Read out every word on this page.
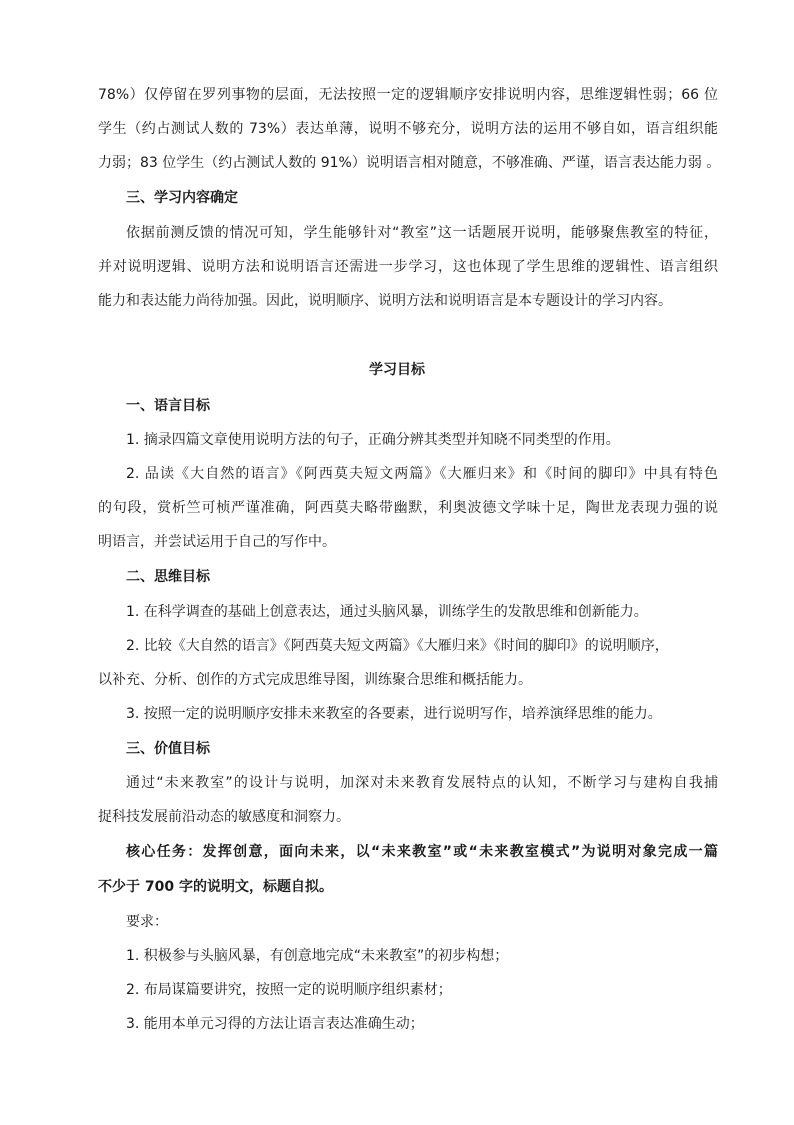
78%）仅停留在罗列事物的层面，无法按照一定的逻辑顺序安排说明内容，思维逻辑性弱；66 位
学生（约占测试人数的 73%）表达单薄，说明不够充分，说明方法的运用不够自如，语言组织能
力弱；83 位学生（约占测试人数的 91%）说明语言相对随意，不够准确、严谨，语言表达能力弱 。
三、学习内容确定
依据前测反馈的情况可知，学生能够针对“教室”这一话题展开说明，能够聚焦教室的特征，
并对说明逻辑、说明方法和说明语言还需进一步学习，这也体现了学生思维的逻辑性、语言组织
能力和表达能力尚待加强。因此，说明顺序、说明方法和说明语言是本专题设计的学习内容。
学习目标
一、语言目标
1. 摘录四篇文章使用说明方法的句子，正确分辨其类型并知晓不同类型的作用。
2. 品读《大自然的语言》《阿西莫夫短文两篇》《大雁归来》和《时间的脚印》中具有特色
的句段，赏析竺可桢严谨准确，阿西莫夫略带幽默，利奥波德文学味十足，陶世龙表现力强的说
明语言，并尝试运用于自己的写作中。
二、思维目标
1. 在科学调查的基础上创意表达，通过头脑风暴，训练学生的发散思维和创新能力。
2. 比较《大自然的语言》《阿西莫夫短文两篇》《大雁归来》《时间的脚印》的说明顺序，
以补充、分析、创作的方式完成思维导图，训练聚合思维和概括能力。
3. 按照一定的说明顺序安排未来教室的各要素，进行说明写作，培养演绎思维的能力。
三、价值目标
通过“未来教室”的设计与说明，加深对未来教育发展特点的认知，不断学习与建构自我捕
捉科技发展前沿动态的敏感度和洞察力。
核心任务：发挥创意，面向未来，以“未来教室”或“未来教室模式”为说明对象完成一篇
不少于 700 字的说明文，标题自拟。
要求：
1. 积极参与头脑风暴，有创意地完成“未来教室”的初步构想；
2. 布局谋篇要讲究，按照一定的说明顺序组织素材；
3. 能用本单元习得的方法让语言表达准确生动；
